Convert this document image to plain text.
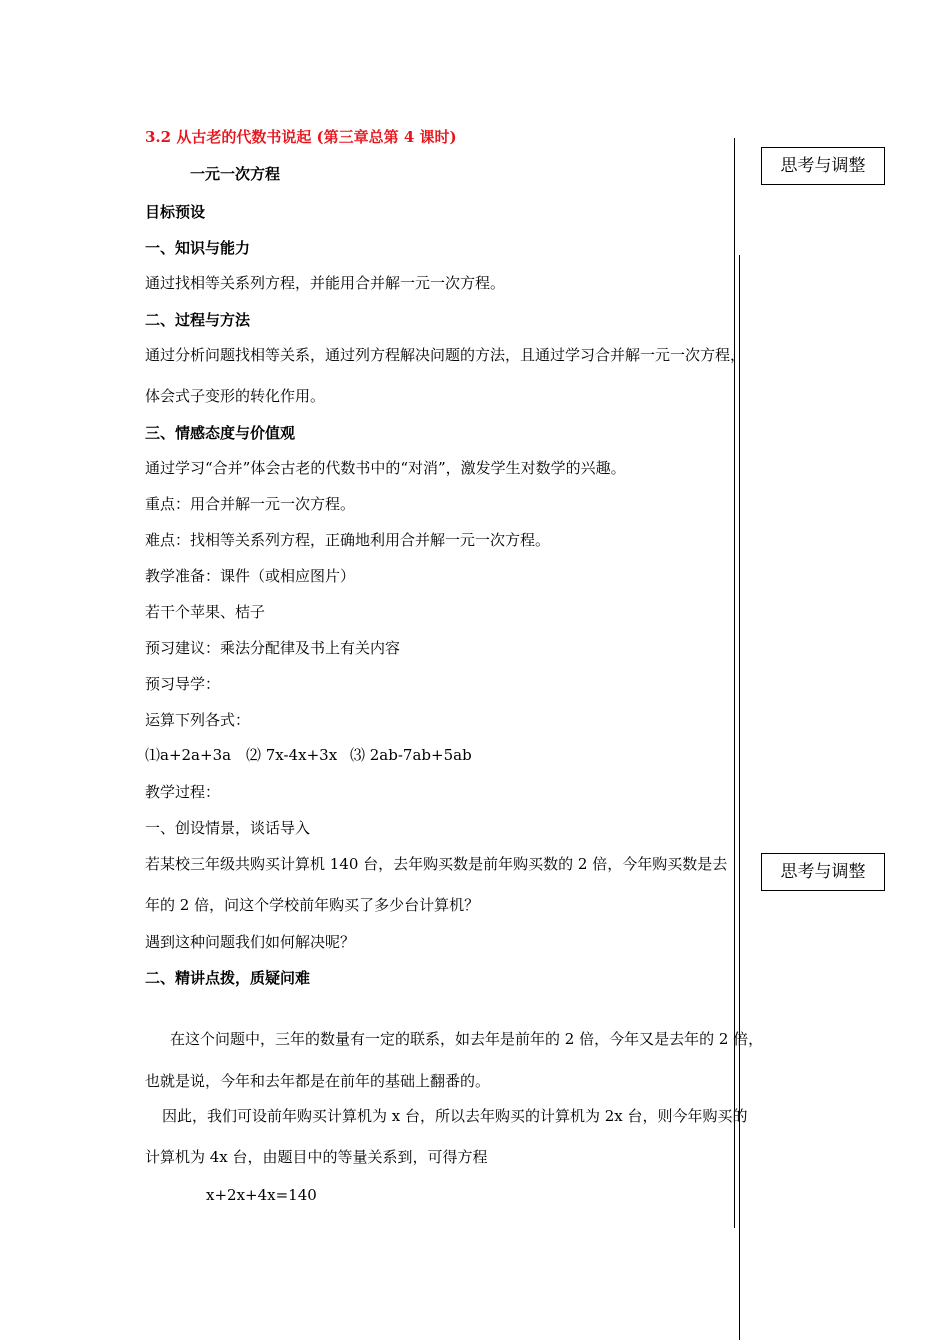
3.2 从古老的代数书说起 (第三章总第 4 课时)
一元一次方程
目标预设
一、知识与能力
通过找相等关系列方程，并能用合并解一元一次方程。
二、过程与方法
通过分析问题找相等关系，通过列方程解决问题的方法，且通过学习合并解一元一次方程，
体会式子变形的转化作用。
三、情感态度与价值观
通过学习“合并”体会古老的代数书中的“对消”，激发学生对数学的兴趣。
重点：用合并解一元一次方程。
难点：找相等关系列方程，正确地利用合并解一元一次方程。
教学准备：课件（或相应图片）
若干个苹果、桔子
预习建议：乘法分配律及书上有关内容
预习导学：
运算下列各式：
⑴a+2a+3a ⑵ 7x-4x+3x ⑶ 2ab-7ab+5ab
教学过程：
一、创设情景，谈话导入
若某校三年级共购买计算机 140 台，去年购买数是前年购买数的 2 倍，今年购买数是去
年的 2 倍，问这个学校前年购买了多少台计算机？
遇到这种问题我们如何解决呢？
二、精讲点拨，质疑问难
在这个问题中，三年的数量有一定的联系，如去年是前年的 2 倍，今年又是去年的 2 倍，
也就是说，今年和去年都是在前年的基础上翻番的。
因此，我们可设前年购买计算机为 x 台，所以去年购买的计算机为 2x 台，则今年购买的
计算机为 4x 台，由题目中的等量关系到，可得方程
x+2x+4x=140
思考与调整
思考与调整
